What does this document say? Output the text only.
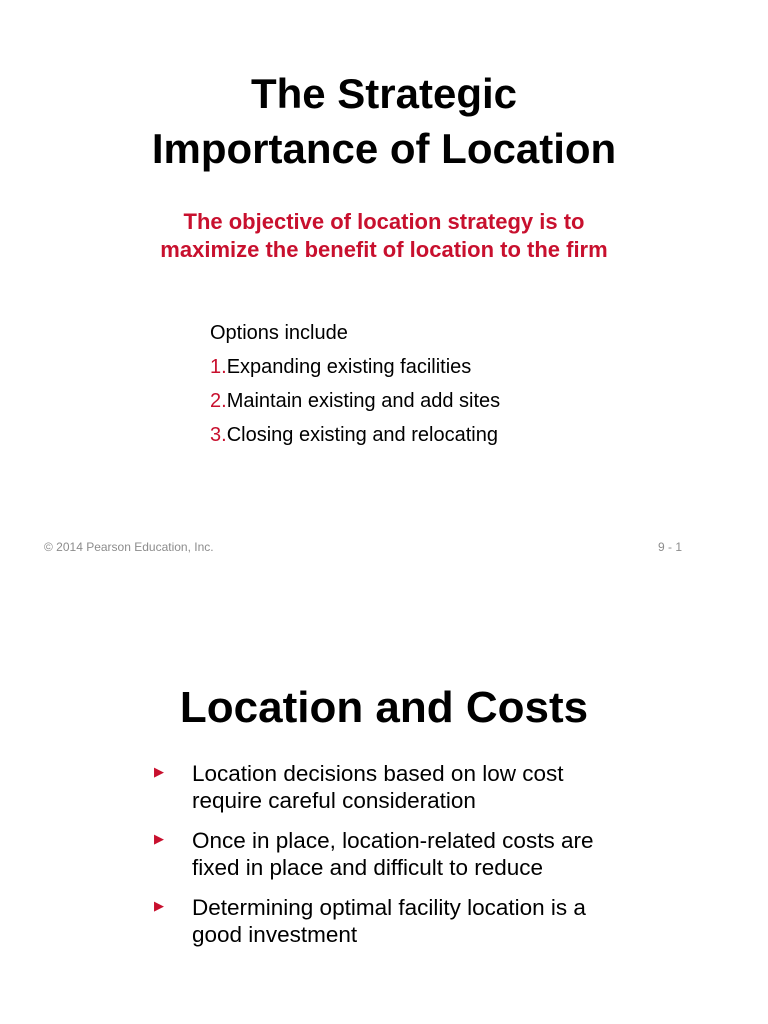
The Strategic Importance of Location

The objective of location strategy is to maximize the benefit of location to the firm

Options include

1.Expanding existing facilities
2.Maintain existing and add sites
3.Closing existing and relocating
© 2014 Pearson Education, Inc.	9 - 1
Location and Costs
▶ Location decisions based on low cost require careful consideration
▶ Once in place, location-related costs are fixed in place and difficult to reduce
▶ Determining optimal facility location is a good investment
